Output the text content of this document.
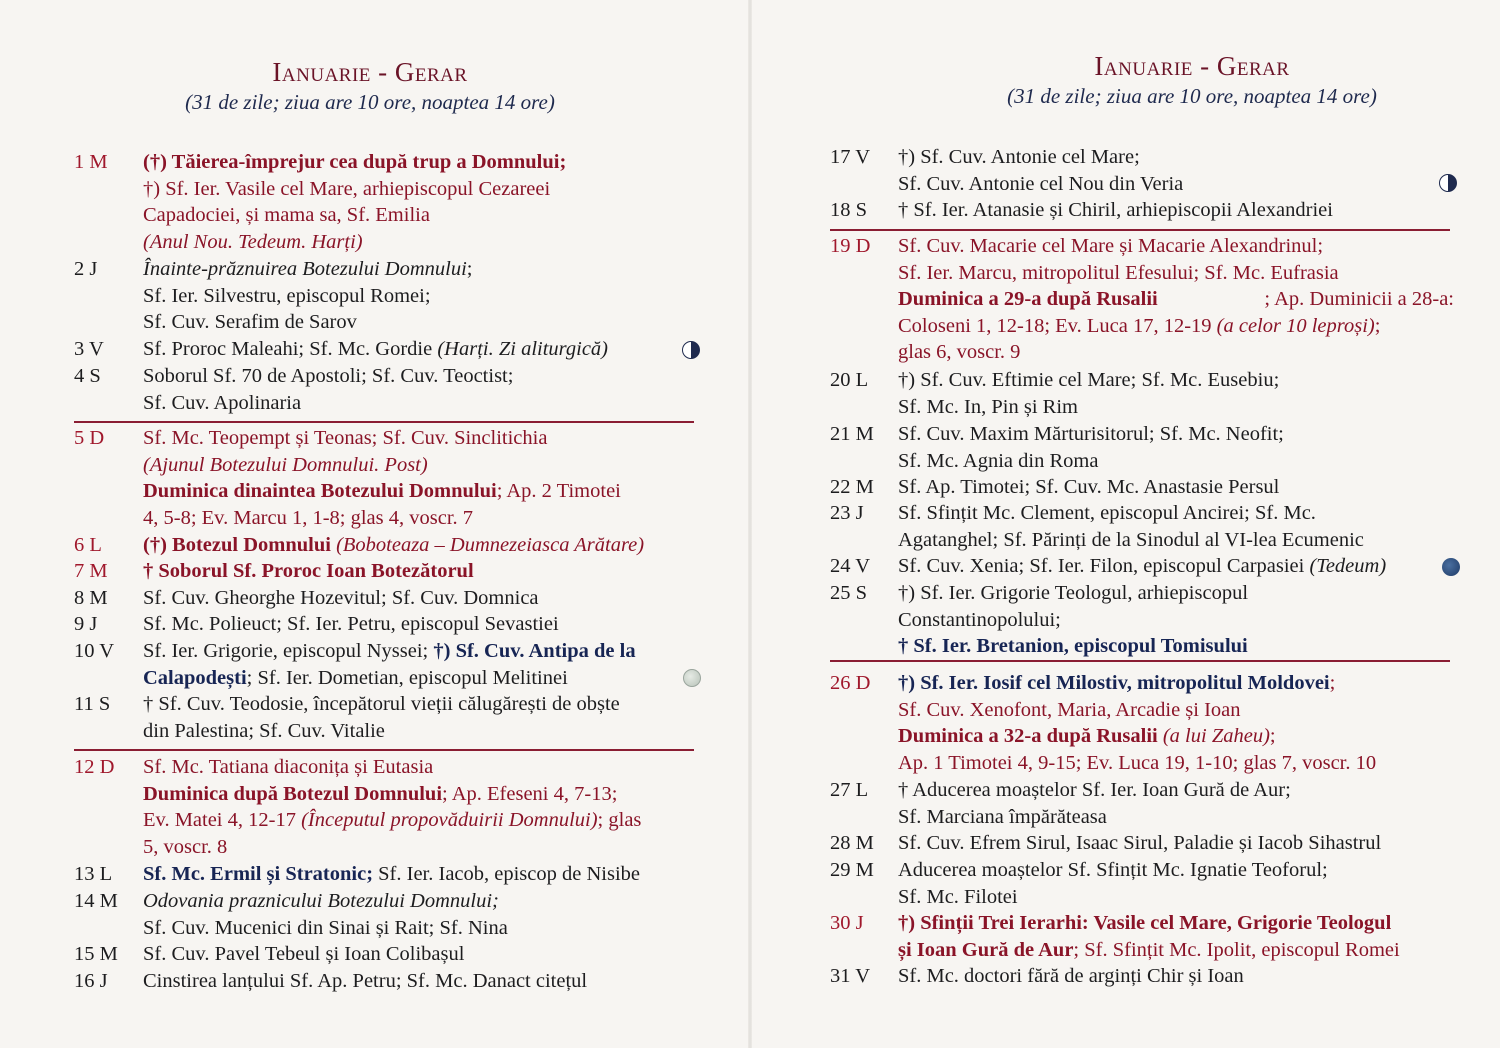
Ianuarie - Gerar
(31 de zile; ziua are 10 ore, noaptea 14 ore)
1 M (†) Tăierea-împrejur cea după trup a Domnului;
†) Sf. Ier. Vasile cel Mare, arhiepiscopul Cezareei
Capadociei, și mama sa, Sf. Emilia
(Anul Nou. Tedeum. Harți)
2 J Înainte-prăznuirea Botezului Domnului;
Sf. Ier. Silvestru, episcopul Romei;
Sf. Cuv. Serafim de Sarov
3 V Sf. Proroc Maleahi; Sf. Mc. Gordie (Harți. Zi aliturgică)
4 S Soborul Sf. 70 de Apostoli; Sf. Cuv. Teoctist;
Sf. Cuv. Apolinaria
5 D Sf. Mc. Teopempt și Teonas; Sf. Cuv. Sinclitichia
(Ajunul Botezului Domnului. Post)
Duminica dinaintea Botezului Domnului; Ap. 2 Timotei
4, 5-8; Ev. Marcu 1, 1-8; glas 4, voscr. 7
6 L (†) Botezul Domnului (Boboteaza – Dumnezeiasca Arătare)
7 M † Soborul Sf. Proroc Ioan Botezătorul
8 M Sf. Cuv. Gheorghe Hozevitul; Sf. Cuv. Domnica
9 J Sf. Mc. Polieuct; Sf. Ier. Petru, episcopul Sevastiei
10 V Sf. Ier. Grigorie, episcopul Nyssei; †) Sf. Cuv. Antipa de la
Calapodești; Sf. Ier. Dometian, episcopul Melitinei
11 S † Sf. Cuv. Teodosie, începătorul vieții călugărești de obște
din Palestina; Sf. Cuv. Vitalie
12 D Sf. Mc. Tatiana diaconița și Eutasia
Duminica după Botezul Domnului; Ap. Efeseni 4, 7-13;
Ev. Matei 4, 12-17 (Începutul propovăduirii Domnului); glas
5, voscr. 8
13 L Sf. Mc. Ermil și Stratonic; Sf. Ier. Iacob, episcop de Nisibe
14 M Odovania praznicului Botezului Domnului;
Sf. Cuv. Mucenici din Sinai și Rait; Sf. Nina
15 M Sf. Cuv. Pavel Tebeul și Ioan Colibașul
16 J Cinstirea lanțului Sf. Ap. Petru; Sf. Mc. Danact citețul
Ianuarie - Gerar
(31 de zile; ziua are 10 ore, noaptea 14 ore)
17 V †) Sf. Cuv. Antonie cel Mare;
Sf. Cuv. Antonie cel Nou din Veria
18 S † Sf. Ier. Atanasie și Chiril, arhiepiscopii Alexandriei
19 D Sf. Cuv. Macarie cel Mare și Macarie Alexandrinul;
Sf. Ier. Marcu, mitropolitul Efesului; Sf. Mc. Eufrasia
Duminica a 29-a după Rusalii	; Ap. Duminicii a 28-a:
Coloseni 1, 12-18; Ev. Luca 17, 12-19 (a celor 10 leproși);
glas 6, voscr. 9
20 L †) Sf. Cuv. Eftimie cel Mare; Sf. Mc. Eusebiu;
Sf. Mc. In, Pin și Rim
21 M Sf. Cuv. Maxim Mărturisitorul; Sf. Mc. Neofit;
Sf. Mc. Agnia din Roma
22 M Sf. Ap. Timotei; Sf. Cuv. Mc. Anastasie Persul
23 J Sf. Sfințit Mc. Clement, episcopul Ancirei; Sf. Mc.
Agatanghel; Sf. Părinți de la Sinodul al VI-lea Ecumenic
24 V Sf. Cuv. Xenia; Sf. Ier. Filon, episcopul Carpasiei (Tedeum)
25 S †) Sf. Ier. Grigorie Teologul, arhiepiscopul
Constantinopolului;
† Sf. Ier. Bretanion, episcopul Tomisului
26 D †) Sf. Ier. Iosif cel Milostiv, mitropolitul Moldovei;
Sf. Cuv. Xenofont, Maria, Arcadie și Ioan
Duminica a 32-a după Rusalii (a lui Zaheu);
Ap. 1 Timotei 4, 9-15; Ev. Luca 19, 1-10; glas 7, voscr. 10
27 L † Aducerea moaștelor Sf. Ier. Ioan Gură de Aur;
Sf. Marciana împărăteasa
28 M Sf. Cuv. Efrem Sirul, Isaac Sirul, Paladie și Iacob Sihastrul
29 M Aducerea moaștelor Sf. Sfințit Mc. Ignatie Teoforul;
Sf. Mc. Filotei
30 J †) Sfinții Trei Ierarhi: Vasile cel Mare, Grigorie Teologul
și Ioan Gură de Aur; Sf. Sfințit Mc. Ipolit, episcopul Romei
31 V Sf. Mc. doctori fără de arginți Chir și Ioan
